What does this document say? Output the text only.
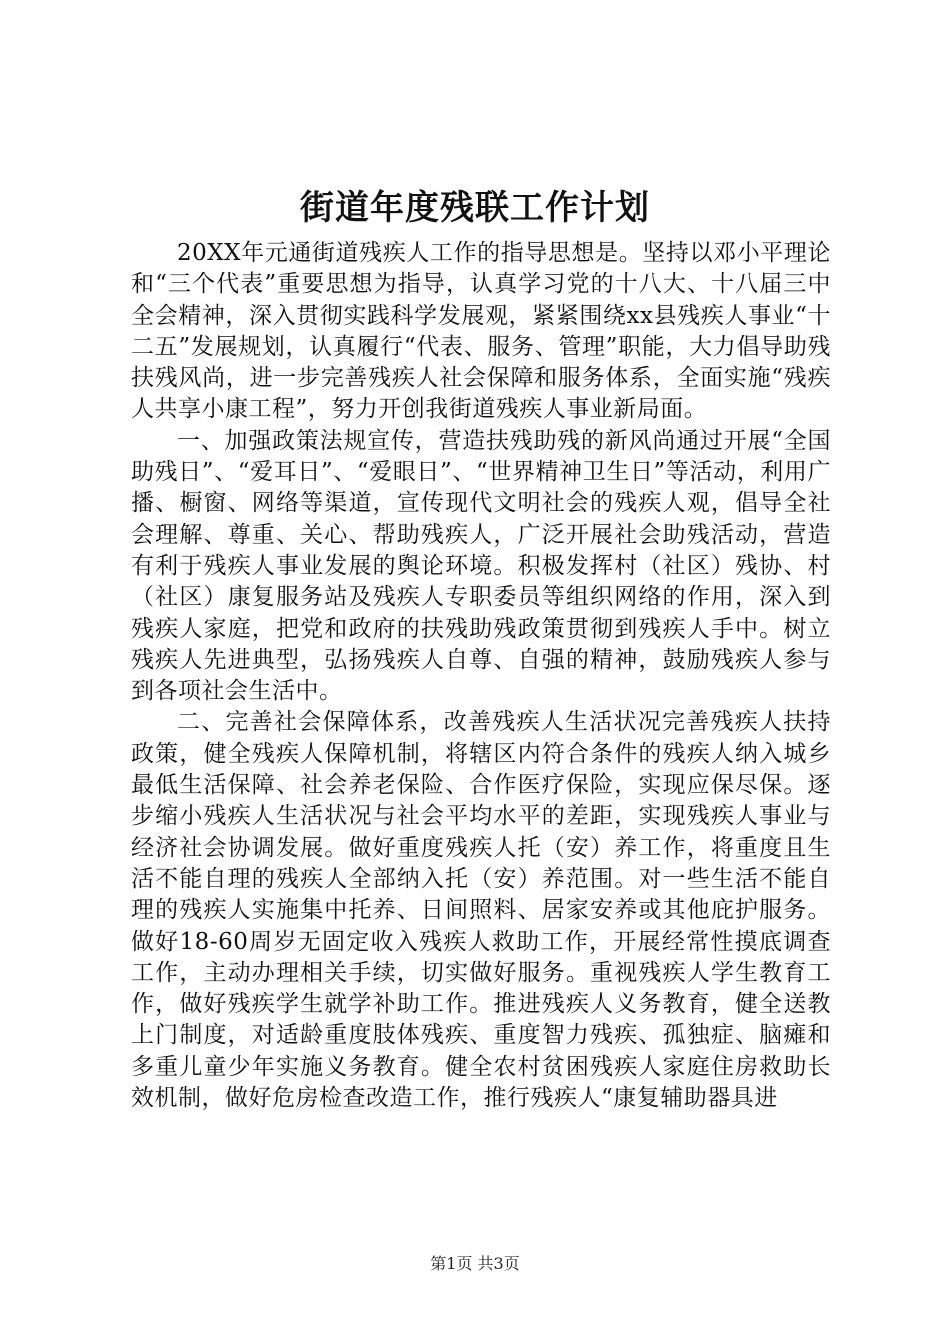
街道年度残联工作计划

20XX年元通街道残疾人工作的指导思想是。坚持以邓小平理论和“三个代表”重要思想为指导，认真学习党的十八大、十八届三中全会精神，深入贯彻实践科学发展观，紧紧围绕xx县残疾人事业“十二五”发展规划，认真履行“代表、服务、管理”职能，大力倡导助残扶残风尚，进一步完善残疾人社会保障和服务体系，全面实施“残疾人共享小康工程”，努力开创我街道残疾人事业新局面。

一、加强政策法规宣传，营造扶残助残的新风尚通过开展“全国助残日”、“爱耳日”、“爱眼日”、“世界精神卫生日”等活动，利用广播、橱窗、网络等渠道，宣传现代文明社会的残疾人观，倡导全社会理解、尊重、关心、帮助残疾人，广泛开展社会助残活动，营造有利于残疾人事业发展的舆论环境。积极发挥村（社区）残协、村（社区）康复服务站及残疾人专职委员等组织网络的作用，深入到残疾人家庭，把党和政府的扶残助残政策贯彻到残疾人手中。树立残疾人先进典型，弘扬残疾人自尊、自强的精神，鼓励残疾人参与到各项社会生活中。

二、完善社会保障体系，改善残疾人生活状况完善残疾人扶持政策，健全残疾人保障机制，将辖区内符合条件的残疾人纳入城乡最低生活保障、社会养老保险、合作医疗保险，实现应保尽保。逐步缩小残疾人生活状况与社会平均水平的差距，实现残疾人事业与经济社会协调发展。做好重度残疾人托（安）养工作，将重度且生活不能自理的残疾人全部纳入托（安）养范围。对一些生活不能自理的残疾人实施集中托养、日间照料、居家安养或其他庇护服务。做好18-60周岁无固定收入残疾人救助工作，开展经常性摸底调查工作，主动办理相关手续，切实做好服务。重视残疾人学生教育工作，做好残疾学生就学补助工作。推进残疾人义务教育，健全送教上门制度，对适龄重度肢体残疾、重度智力残疾、孤独症、脑瘫和多重儿童少年实施义务教育。健全农村贫困残疾人家庭住房救助长效机制，做好危房检查改造工作，推行残疾人“康复辅助器具进

第1页 共3页
